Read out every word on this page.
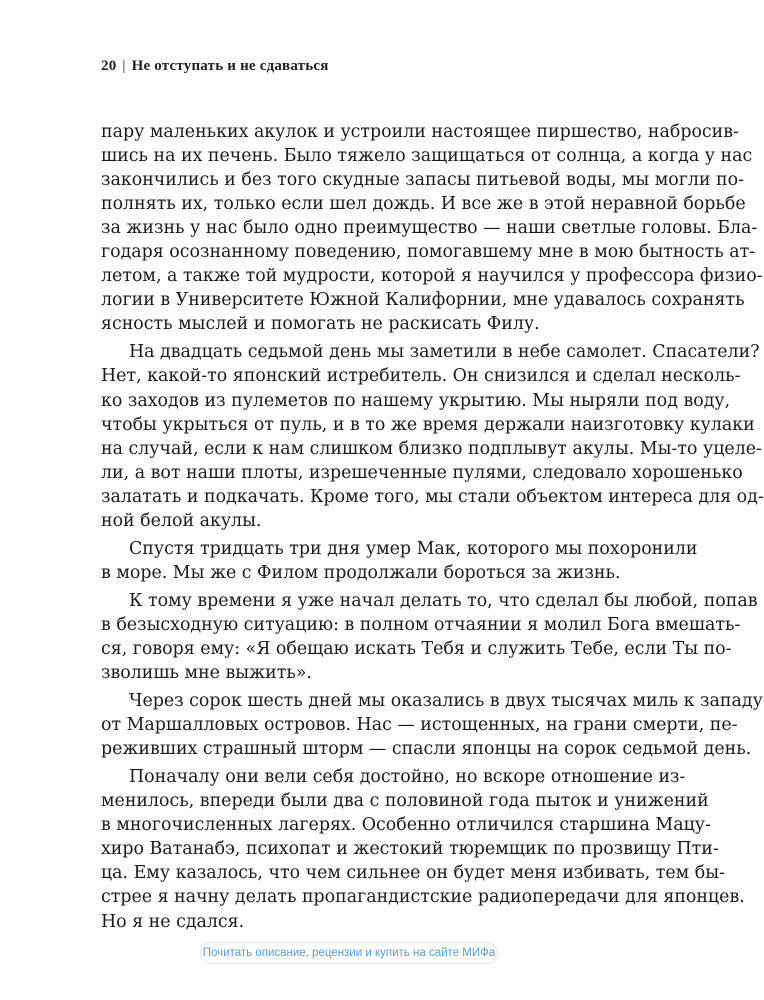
20 | Не отступать и не сдаваться
пару маленьких акулок и устроили настоящее пиршество, набросив-
шись на их печень. Было тяжело защищаться от солнца, а когда у нас
закончились и без того скудные запасы питьевой воды, мы могли по-
полнять их, только если шел дождь. И все же в этой неравной борьбе
за жизнь у нас было одно преимущество — наши светлые головы. Бла-
годаря осознанному поведению, помогавшему мне в мою бытность ат-
летом, а также той мудрости, которой я научился у профессора физио-
логии в Университете Южной Калифорнии, мне удавалось сохранять
ясность мыслей и помогать не раскисать Филу.
На двадцать седьмой день мы заметили в небе самолет. Спасатели?
Нет, какой-то японский истребитель. Он снизился и сделал несколь-
ко заходов из пулеметов по нашему укрытию. Мы ныряли под воду,
чтобы укрыться от пуль, и в то же время держали наизготовку кулаки
на случай, если к нам слишком близко подплывут акулы. Мы-то уцеле-
ли, а вот наши плоты, изрешеченные пулями, следовало хорошенько
залатать и подкачать. Кроме того, мы стали объектом интереса для од-
ной белой акулы.
Спустя тридцать три дня умер Мак, которого мы похоронили
в море. Мы же с Филом продолжали бороться за жизнь.
К тому времени я уже начал делать то, что сделал бы любой, попав
в безысходную ситуацию: в полном отчаянии я молил Бога вмешать-
ся, говоря ему: «Я обещаю искать Тебя и служить Тебе, если Ты по-
зволишь мне выжить».
Через сорок шесть дней мы оказались в двух тысячах миль к западу
от Маршалловых островов. Нас — истощенных, на грани смерти, пе-
реживших страшный шторм — спасли японцы на сорок седьмой день.
Поначалу они вели себя достойно, но вскоре отношение из-
менилось, впереди были два с половиной года пыток и унижений
в многочисленных лагерях. Особенно отличился старшина Мацу-
хиро Ватанабэ, психопат и жестокий тюремщик по прозвищу Пти-
ца. Ему казалось, что чем сильнее он будет меня избивать, тем бы-
стрее я начну делать пропагандистские радиопередачи для японцев.
Но я не сдался.
Почитать описание, рецензии и купить на сайте МИФа
